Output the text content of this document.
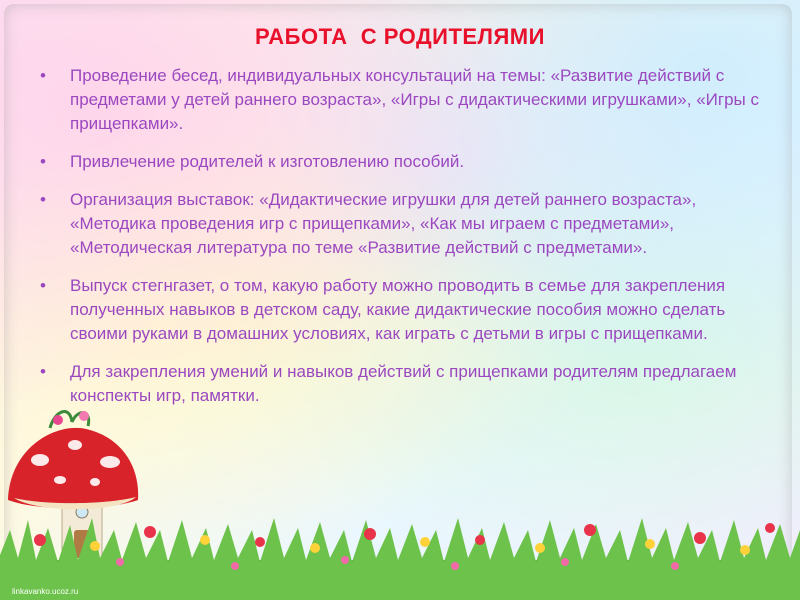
РАБОТА  С РОДИТЕЛЯМИ
• Проведение бесед, индивидуальных консультаций на темы: «Развитие действий с предметами у детей раннего возраста», «Игры с дидактическими игрушками», «Игры с прищепками».
• Привлечение родителей к изготовлению пособий.
• Организация выставок: «Дидактические игрушки для детей раннего возраста», «Методика проведения игр с прищепками», «Как мы играем с предметами», «Методическая литература по теме «Развитие действий с предметами».
• Выпуск стегнгазет, о том, какую работу можно проводить в семье для закрепления полученных навыков в детском саду, какие дидактические пособия можно сделать своими руками в домашних условиях, как играть с детьми в игры с прищепками.
• Для закрепления умений и навыков действий с прищепками родителям предлагаем конспекты игр, памятки.
linkavanko.ucoz.ru
